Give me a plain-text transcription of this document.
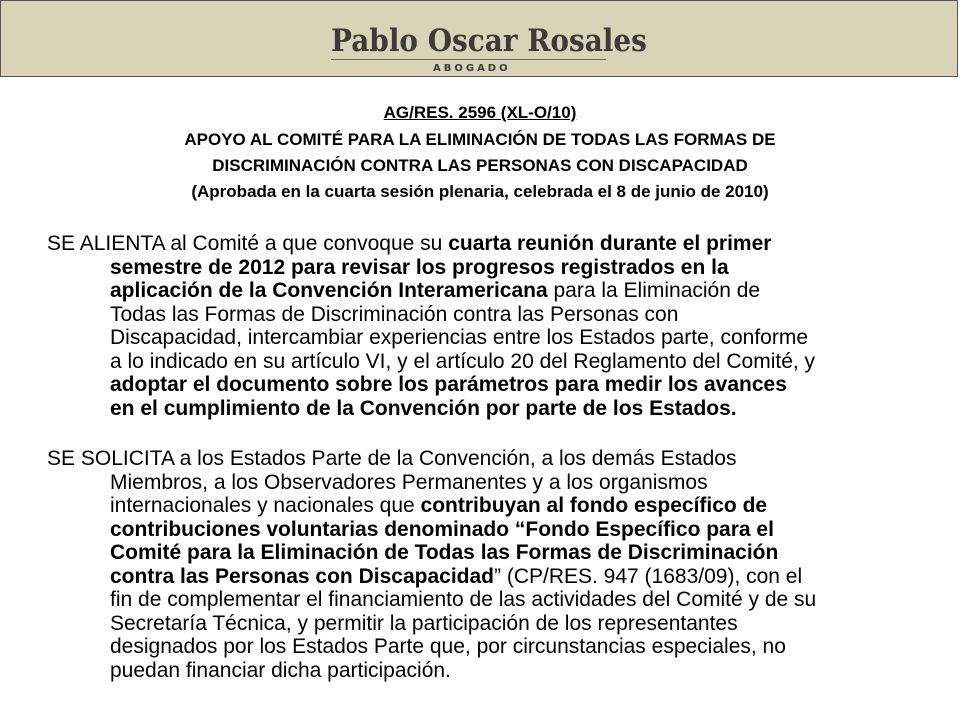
Pablo Oscar Rosales
ABOGADO
AG/RES. 2596 (XL-O/10)
APOYO AL COMITÉ PARA LA ELIMINACIÓN DE TODAS LAS FORMAS DE
DISCRIMINACIÓN CONTRA LAS PERSONAS CON DISCAPACIDAD
(Aprobada en la cuarta sesión plenaria, celebrada el 8 de junio de 2010)
SE ALIENTA al Comité a que convoque su cuarta reunión durante el primer
semestre de 2012 para revisar los progresos registrados en la
aplicación de la Convención Interamericana para la Eliminación de
Todas las Formas de Discriminación contra las Personas con
Discapacidad, intercambiar experiencias entre los Estados parte, conforme
a lo indicado en su artículo VI, y el artículo 20 del Reglamento del Comité, y
adoptar el documento sobre los parámetros para medir los avances
en el cumplimiento de la Convención por parte de los Estados.
SE SOLICITA a los Estados Parte de la Convención, a los demás Estados
Miembros, a los Observadores Permanentes y a los organismos
internacionales y nacionales que contribuyan al fondo específico de
contribuciones voluntarias denominado “Fondo Específico para el
Comité para la Eliminación de Todas las Formas de Discriminación
contra las Personas con Discapacidad” (CP/RES. 947 (1683/09), con el
fin de complementar el financiamiento de las actividades del Comité y de su
Secretaría Técnica, y permitir la participación de los representantes
designados por los Estados Parte que, por circunstancias especiales, no
puedan financiar dicha participación.
